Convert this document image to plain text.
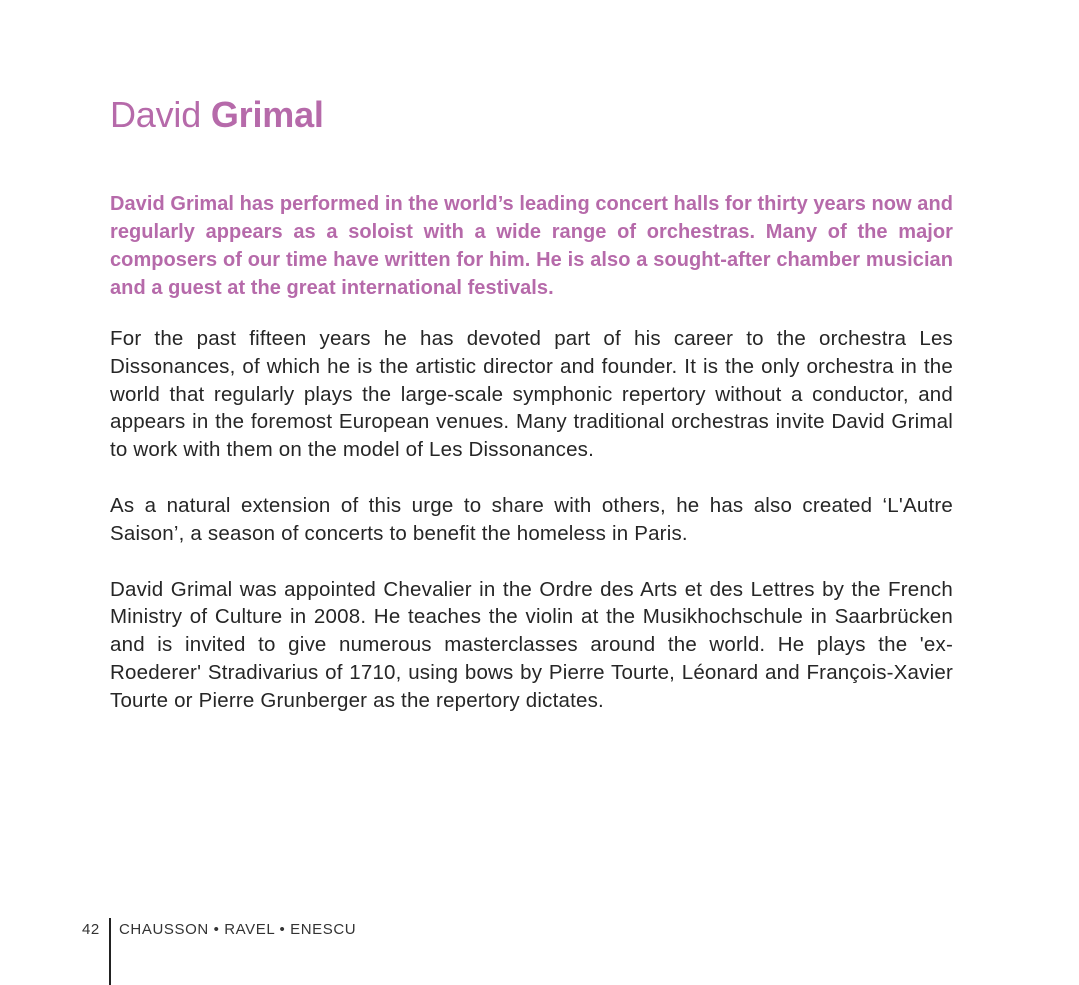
David Grimal

David Grimal has performed in the world’s leading concert halls for thirty years now and regularly appears as a soloist with a wide range of orchestras. Many of the major composers of our time have written for him. He is also a sought-after chamber musician and a guest at the great international festivals.

For the past fifteen years he has devoted part of his career to the orchestra Les Dissonances, of which he is the artistic director and founder. It is the only orchestra in the world that regularly plays the large-scale symphonic repertory without a conductor, and appears in the foremost European venues. Many traditional orchestras invite David Grimal to work with them on the model of Les Dissonances.

As a natural extension of this urge to share with others, he has also created ‘L'Autre Saison’, a season of concerts to benefit the homeless in Paris.

David Grimal was appointed Chevalier in the Ordre des Arts et des Lettres by the French Ministry of Culture in 2008. He teaches the violin at the Musikhochschule in Saarbrücken and is invited to give numerous masterclasses around the world. He plays the 'ex-Roederer' Stradivarius of 1710, using bows by Pierre Tourte, Léonard and François-Xavier Tourte or Pierre Grunberger as the repertory dictates.

42 CHAUSSON • RAVEL • ENESCU
